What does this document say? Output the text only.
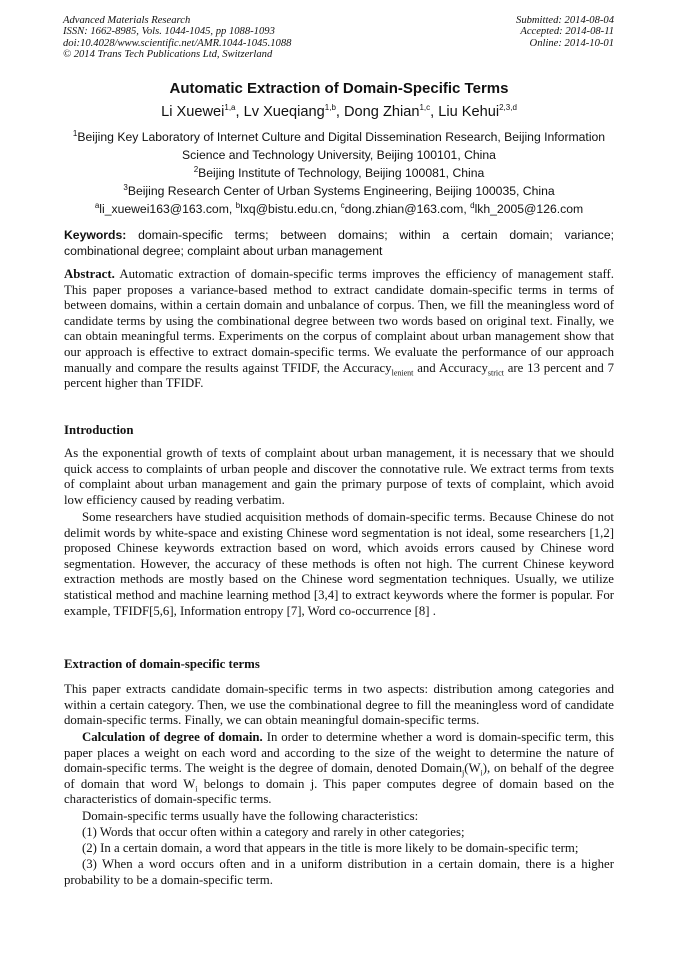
Advanced Materials Research
ISSN: 1662-8985, Vols. 1044-1045, pp 1088-1093
doi:10.4028/www.scientific.net/AMR.1044-1045.1088
© 2014 Trans Tech Publications Ltd, Switzerland
Submitted: 2014-08-04
Accepted: 2014-08-11
Online: 2014-10-01
Automatic Extraction of Domain-Specific Terms
Li Xuewei$^{1,a}$, Lv Xueqiang$^{1,b}$, Dong Zhian$^{1,c}$, Liu Kehui$^{2,3,d}$
$^1$Beijing Key Laboratory of Internet Culture and Digital Dissemination Research, Beijing Information Science and Technology University, Beijing 100101, China
$^2$Beijing Institute of Technology, Beijing 100081, China
$^3$Beijing Research Center of Urban Systems Engineering, Beijing 100035, China
$^a$li_xuewei163@163.com, $^b$lxq@bistu.edu.cn, $^c$dong.zhian@163.com, $^d$lkh_2005@126.com
Keywords: domain-specific terms; between domains; within a certain domain; variance; combinational degree; complaint about urban management

Abstract. Automatic extraction of domain-specific terms improves the efficiency of management staff. This paper proposes a variance-based method to extract candidate domain-specific terms in terms of between domains, within a certain domain and unbalance of corpus. Then, we fill the meaningless word of candidate terms by using the combinational degree between two words based on original text. Finally, we can obtain meaningful terms. Experiments on the corpus of complaint about urban management show that our approach is effective to extract domain-specific terms. We evaluate the performance of our approach manually and compare the results against TFIDF, the Accuracy$_{lenient}$ and Accuracy$_{strict}$ are 13 percent and 7 percent higher than TFIDF.

Introduction

As the exponential growth of texts of complaint about urban management, it is necessary that we should quick access to complaints of urban people and discover the connotative rule. We extract terms from texts of complaint about urban management and gain the primary purpose of texts of complaint, which avoid low efficiency caused by reading verbatim.

Some researchers have studied acquisition methods of domain-specific terms. Because Chinese do not delimit words by white-space and existing Chinese word segmentation is not ideal, some researchers [1,2] proposed Chinese keywords extraction based on word, which avoids errors caused by Chinese word segmentation. However, the accuracy of these methods is often not high. The current Chinese keyword extraction methods are mostly based on the Chinese word segmentation techniques. Usually, we utilize statistical method and machine learning method [3,4] to extract keywords where the former is popular. For example, TFIDF[5,6], Information entropy [7], Word co-occurrence [8] .

Extraction of domain-specific terms

This paper extracts candidate domain-specific terms in two aspects: distribution among categories and within a certain category. Then, we use the combinational degree to fill the meaningless word of candidate domain-specific terms. Finally, we can obtain meaningful domain-specific terms.

Calculation of degree of domain. In order to determine whether a word is domain-specific term, this paper places a weight on each word and according to the size of the weight to determine the nature of domain-specific terms. The weight is the degree of domain, denoted $Domain_j(W_i)$, on behalf of the degree of domain that word $W_i$ belongs to domain j. This paper computes degree of domain based on the characteristics of domain-specific terms.

Domain-specific terms usually have the following characteristics:

(1) Words that occur often within a category and rarely in other categories;

(2) In a certain domain, a word that appears in the title is more likely to be domain-specific term;

(3) When a word occurs often and in a uniform distribution in a certain domain, there is a higher probability to be a domain-specific term.
